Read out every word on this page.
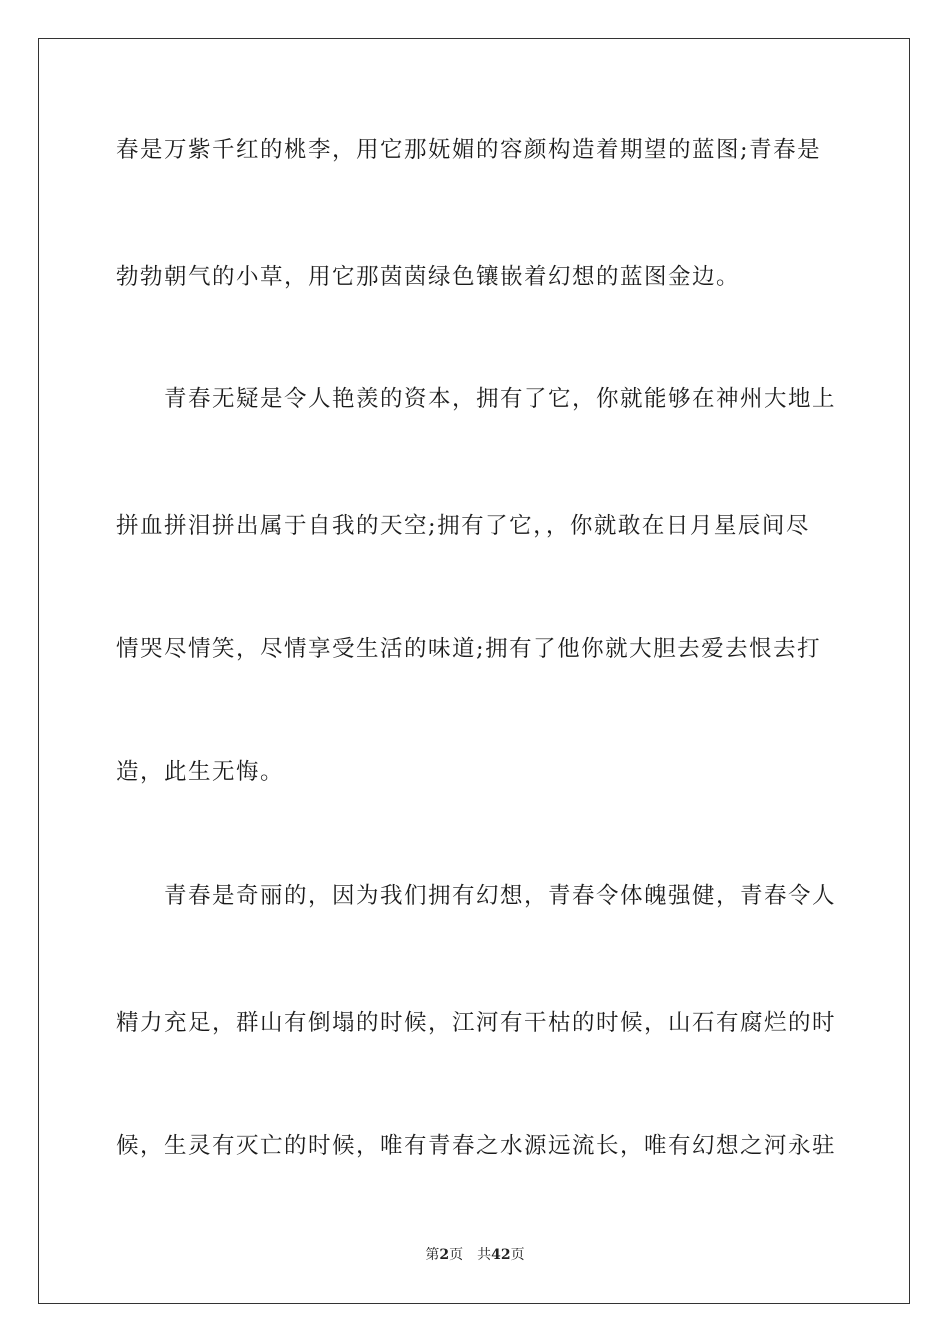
春是万紫千红的桃李，用它那妩媚的容颜构造着期望的蓝图;青春是
勃勃朝气的小草，用它那茵茵绿色镶嵌着幻想的蓝图金边。
　　青春无疑是令人艳羡的资本，拥有了它，你就能够在神州大地上
拼血拼泪拼出属于自我的天空;拥有了它，，你就敢在日月星辰间尽
情哭尽情笑，尽情享受生活的味道;拥有了他你就大胆去爱去恨去打
造，此生无悔。
　　青春是奇丽的，因为我们拥有幻想，青春令体魄强健，青春令人
精力充足，群山有倒塌的时候，江河有干枯的时候，山石有腐烂的时
候，生灵有灭亡的时候，唯有青春之水源远流长，唯有幻想之河永驻
第2页 共42页
